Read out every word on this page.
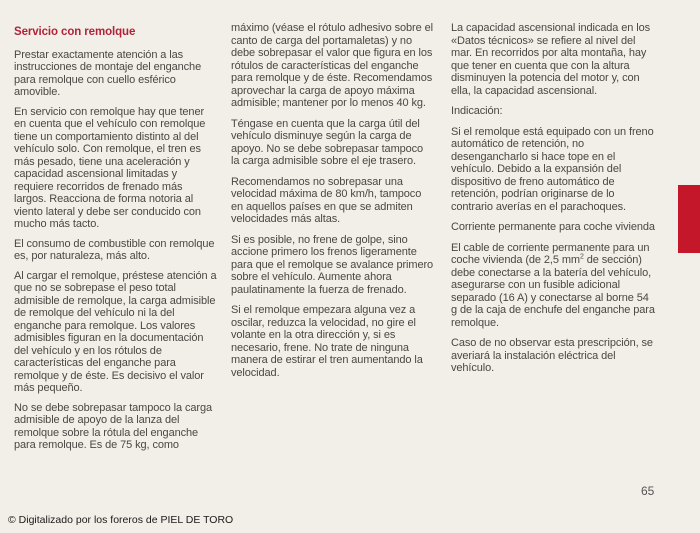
Servicio con remolque

Prestar exactamente atención a las instrucciones de montaje del enganche para remolque con cuello esférico amovible.

En servicio con remolque hay que tener en cuenta que el vehículo con remolque tiene un comportamiento distinto al del vehículo solo. Con remolque, el tren es más pesado, tiene una aceleración y capacidad ascensional limitadas y requiere recorridos de frenado más largos. Reacciona de forma notoria al viento lateral y debe ser conducido con mucho más tacto.

El consumo de combustible con remolque es, por naturaleza, más alto.

Al cargar el remolque, préstese atención a que no se sobrepase el peso total admisible de remolque, la carga admisible de remolque del vehículo ni la del enganche para remolque. Los valores admisibles figuran en la documentación del vehículo y en los rótulos de características del enganche para remolque y de éste. Es decisivo el valor más pequeño.

No se debe sobrepasar tampoco la carga admisible de apoyo de la lanza del remolque sobre la rótula del enganche para remolque. Es de 75 kg, como

máximo (véase el rótulo adhesivo sobre el canto de carga del portamaletas) y no debe sobrepasar el valor que figura en los rótulos de características del enganche para remolque y de éste. Recomendamos aprovechar la carga de apoyo máxima admisible; mantener por lo menos 40 kg.

Téngase en cuenta que la carga útil del vehículo disminuye según la carga de apoyo. No se debe sobrepasar tampoco la carga admisible sobre el eje trasero.

Recomendamos no sobrepasar una velocidad máxima de 80 km/h, tampoco en aquellos países en que se admiten velocidades más altas.

Si es posible, no frene de golpe, sino accione primero los frenos ligeramente para que el remolque se avalance primero sobre el vehículo. Aumente ahora paulatinamente la fuerza de frenado.

Si el remolque empezara alguna vez a oscilar, reduzca la velocidad, no gire el volante en la otra dirección y, si es necesario, frene. No trate de ninguna manera de estirar el tren aumentando la velocidad.

La capacidad ascensional indicada en los «Datos técnicos» se refiere al nivel del mar. En recorridos por alta montaña, hay que tener en cuenta que con la altura disminuyen la potencia del motor y, con ella, la capacidad ascensional.

Indicación:

Si el remolque está equipado con un freno automático de retención, no desengancharlo si hace tope en el vehículo. Debido a la expansión del dispositivo de freno automático de retención, podrían originarse de lo contrario averías en el parachoques.

Corriente permanente para coche vivienda

El cable de corriente permanente para un coche vivienda (de 2,5 $mm^2$ de sección) debe conectarse a la batería del vehículo, asegurarse con un fusible adicional separado (16 A) y conectarse al borne 54 g de la caja de enchufe del enganche para remolque.

Caso de no observar esta prescripción, se averiará la instalación eléctrica del vehículo.

65
© Digitalizado por los foreros de PIEL DE TORO
